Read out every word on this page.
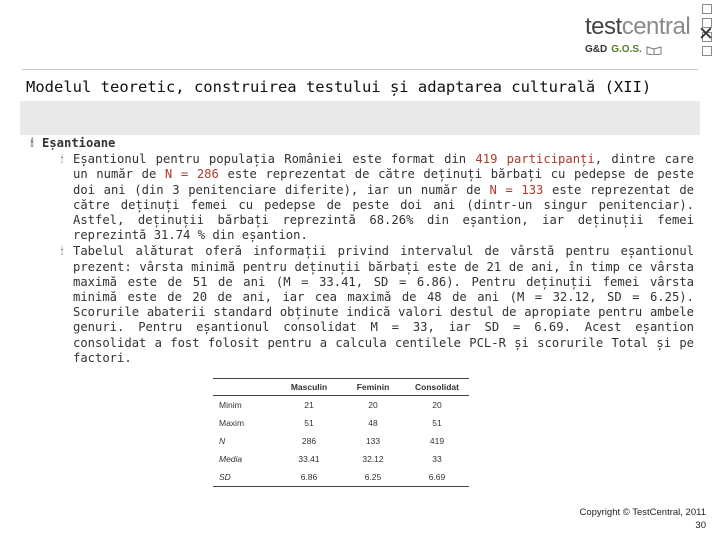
testcentral
G&D G.O.S.
✕
Modelul teoretic, construirea testului și adaptarea culturală (XII)
🕯 Eșantioane
🕯 Eșantionul pentru populația României este format din 419 participanți, dintre care un număr de N = 286 este reprezentat de către deținuți bărbați cu pedepse de peste doi ani (din 3 penitenciare diferite), iar un număr de N = 133 este reprezentat de către deținuți femei cu pedepse de peste doi ani (dintr-un singur penitenciar). Astfel, deținuții bărbați reprezintă 68.26% din eșantion, iar deținuții femei reprezintă 31.74 % din eșantion.
🕯 Tabelul alăturat oferă informații privind intervalul de vârstă pentru eșantionul prezent: vârsta minimă pentru deținuții bărbați este de 21 de ani, în timp ce vârsta maximă este de 51 de ani (M = 33.41, SD = 6.86). Pentru deținuții femei vârsta minimă este de 20 de ani, iar cea maximă de 48 de ani (M = 32.12, SD = 6.25). Scorurile abaterii standard obținute indică valori destul de apropiate pentru ambele genuri. Pentru eșantionul consolidat M = 33, iar SD = 6.69. Acest eșantion consolidat a fost folosit pentru a calcula centilele PCL-R și scorurile Total și pe factori.
	Masculin	Feminin	Consolidat
Minim	21	20	20
Maxim	51	48	51
N	286	133	419
Media	33.41	32.12	33
SD	6.86	6.25	6.69
Copyright © TestCentral, 2011
30
